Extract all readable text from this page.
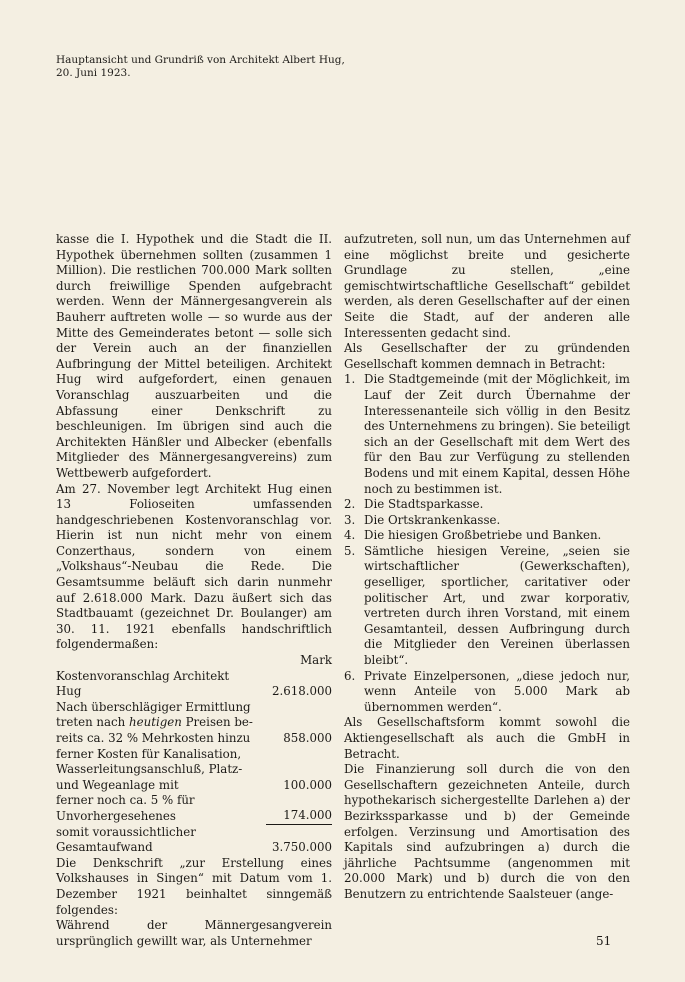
Hauptansicht und Grundriß von Architekt Albert Hug,
20. Juni 1923.

kasse die I. Hypothek und die Stadt die II. Hypothek übernehmen sollten (zusammen 1 Million). Die restlichen 700.000 Mark sollten durch freiwillige Spenden aufgebracht werden. Wenn der Männergesangverein als Bauherr auftreten wolle — so wurde aus der Mitte des Gemeinderates betont — solle sich der Verein auch an der finanziellen Aufbringung der Mittel beteiligen. Architekt Hug wird aufgefordert, einen genauen Voranschlag auszuarbeiten und die Abfassung einer Denkschrift zu beschleunigen. Im übrigen sind auch die Architekten Hänßler und Albecker (ebenfalls Mitglieder des Männergesangvereins) zum Wettbewerb aufgefordert.

Am 27. November legt Architekt Hug einen 13 Folioseiten umfassenden handgeschriebenen Kostenvoranschlag vor. Hierin ist nun nicht mehr von einem Conzerthaus, sondern von einem „Volkshaus“-Neubau die Rede. Die Gesamtsumme beläuft sich darin nunmehr auf 2.618.000 Mark. Dazu äußert sich das Stadtbauamt (gezeichnet Dr. Boulanger) am 30. 11. 1921 ebenfalls handschriftlich folgendermaßen:

Mark
Kostenvoranschlag Architekt Hug	2.618.000
Nach überschlägiger Ermittlung
treten nach heutigen Preisen be-
reits ca. 32 % Mehrkosten hinzu	858.000
ferner Kosten für Kanalisation,
Wasserleitungsanschluß, Platz-
und Wegeanlage mit	100.000
ferner noch ca. 5 % für
Unvorhergesehenes	174.000
somit voraussichtlicher
Gesamtaufwand	3.750.000

Die Denkschrift „zur Erstellung eines Volkshauses in Singen“ mit Datum vom 1. Dezember 1921 beinhaltet sinngemäß folgendes:

Während der Männergesangverein ursprünglich gewillt war, als Unternehmer

aufzutreten, soll nun, um das Unternehmen auf eine möglichst breite und gesicherte Grundlage zu stellen, „eine gemischtwirtschaftliche Gesellschaft“ gebildet werden, als deren Gesellschafter auf der einen Seite die Stadt, auf der anderen alle Interessenten gedacht sind.

Als Gesellschafter der zu gründenden Gesellschaft kommen demnach in Betracht:

1. Die Stadtgemeinde (mit der Möglichkeit, im Lauf der Zeit durch Übernahme der Interessenanteile sich völlig in den Besitz des Unternehmens zu bringen). Sie beteiligt sich an der Gesellschaft mit dem Wert des für den Bau zur Verfügung zu stellenden Bodens und mit einem Kapital, dessen Höhe noch zu bestimmen ist.
2. Die Stadtsparkasse.
3. Die Ortskrankenkasse.
4. Die hiesigen Großbetriebe und Banken.
5. Sämtliche hiesigen Vereine, „seien sie wirtschaftlicher (Gewerkschaften), geselliger, sportlicher, caritativer oder politischer Art, und zwar korporativ, vertreten durch ihren Vorstand, mit einem Gesamtanteil, dessen Aufbringung durch die Mitglieder den Vereinen überlassen bleibt“.
6. Private Einzelpersonen, „diese jedoch nur, wenn Anteile von 5.000 Mark ab übernommen werden“.

Als Gesellschaftsform kommt sowohl die Aktiengesellschaft als auch die GmbH in Betracht.

Die Finanzierung soll durch die von den Gesellschaftern gezeichneten Anteile, durch hypothekarisch sichergestellte Darlehen a) der Bezirkssparkasse und b) der Gemeinde erfolgen. Verzinsung und Amortisation des Kapitals sind aufzubringen a) durch die jährliche Pachtsumme (angenommen mit 20.000 Mark) und b) durch die von den Benutzern zu entrichtende Saalsteuer (ange-

51
